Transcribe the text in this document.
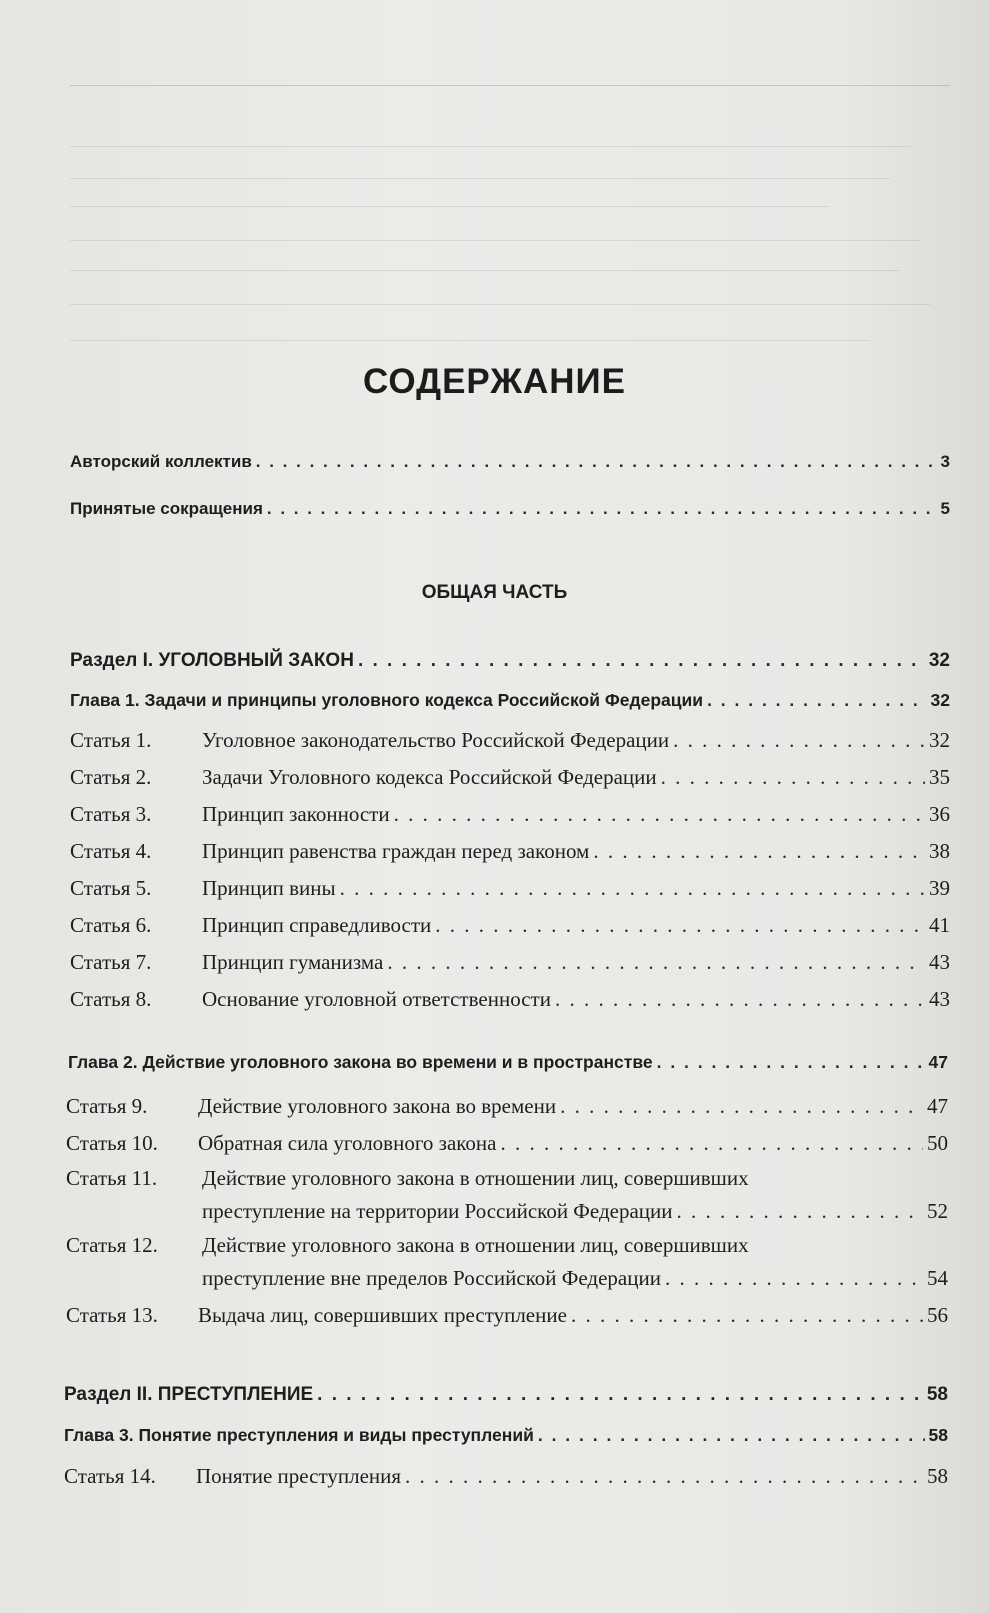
СОДЕРЖАНИЕ
Авторский коллектив . . .	3
Принятые сокращения . . .	5
ОБЩАЯ ЧАСТЬ
Раздел I. УГОЛОВНЫЙ ЗАКОН . . .	32
Глава 1. Задачи и принципы уголовного кодекса Российской Федерации . . .	32
Статья 1. Уголовное законодательство Российской Федерации . . .	32
Статья 2. Задачи Уголовного кодекса Российской Федерации . . .	35
Статья 3. Принцип законности . . .	36
Статья 4. Принцип равенства граждан перед законом . . .	38
Статья 5. Принцип вины . . .	39
Статья 6. Принцип справедливости . . .	41
Статья 7. Принцип гуманизма . . .	43
Статья 8. Основание уголовной ответственности . . .	43
Глава 2. Действие уголовного закона во времени и в пространстве . . .	47
Статья 9. Действие уголовного закона во времени . . .	47
Статья 10. Обратная сила уголовного закона . . .	50
Статья 11. Действие уголовного закона в отношении лиц, совершивших
преступление на территории Российской Федерации . . .	52
Статья 12. Действие уголовного закона в отношении лиц, совершивших
преступление вне пределов Российской Федерации . . .	54
Статья 13. Выдача лиц, совершивших преступление . . .	56
Раздел II. ПРЕСТУПЛЕНИЕ . . .	58
Глава 3. Понятие преступления и виды преступлений . . .	58
Статья 14. Понятие преступления . . .	58
